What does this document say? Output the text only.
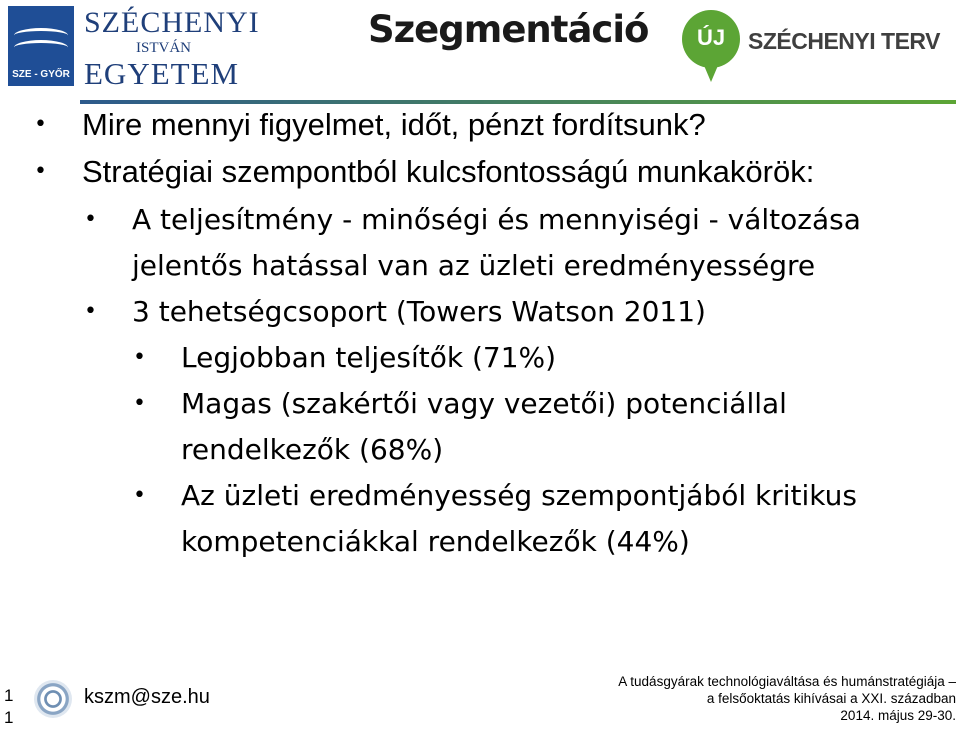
SZE - GYŐR
SZÉCHENYI
ISTVÁN
EGYETEM
Szegmentáció	ÚJ SZÉCHENYI TERV
• Mire mennyi figyelmet, időt, pénzt fordítsunk?
• Stratégiai szempontból kulcsfontosságú munkakörök:
• A teljesítmény - minőségi és mennyiségi - változása
jelentős hatással van az üzleti eredményességre
• 3 tehetségcsoport (Towers Watson 2011)
• Legjobban teljesítők (71%)
• Magas (szakértői vagy vezetői) potenciállal
rendelkezők (68%)
• Az üzleti eredményesség szempontjából kritikus
kompetenciákkal rendelkezők (44%)
1
1
kszm@sze.hu
A tudásgyárak technológiaváltása és humánstratégiája –
a felsőoktatás kihívásai a XXI. században
2014. május 29-30.
